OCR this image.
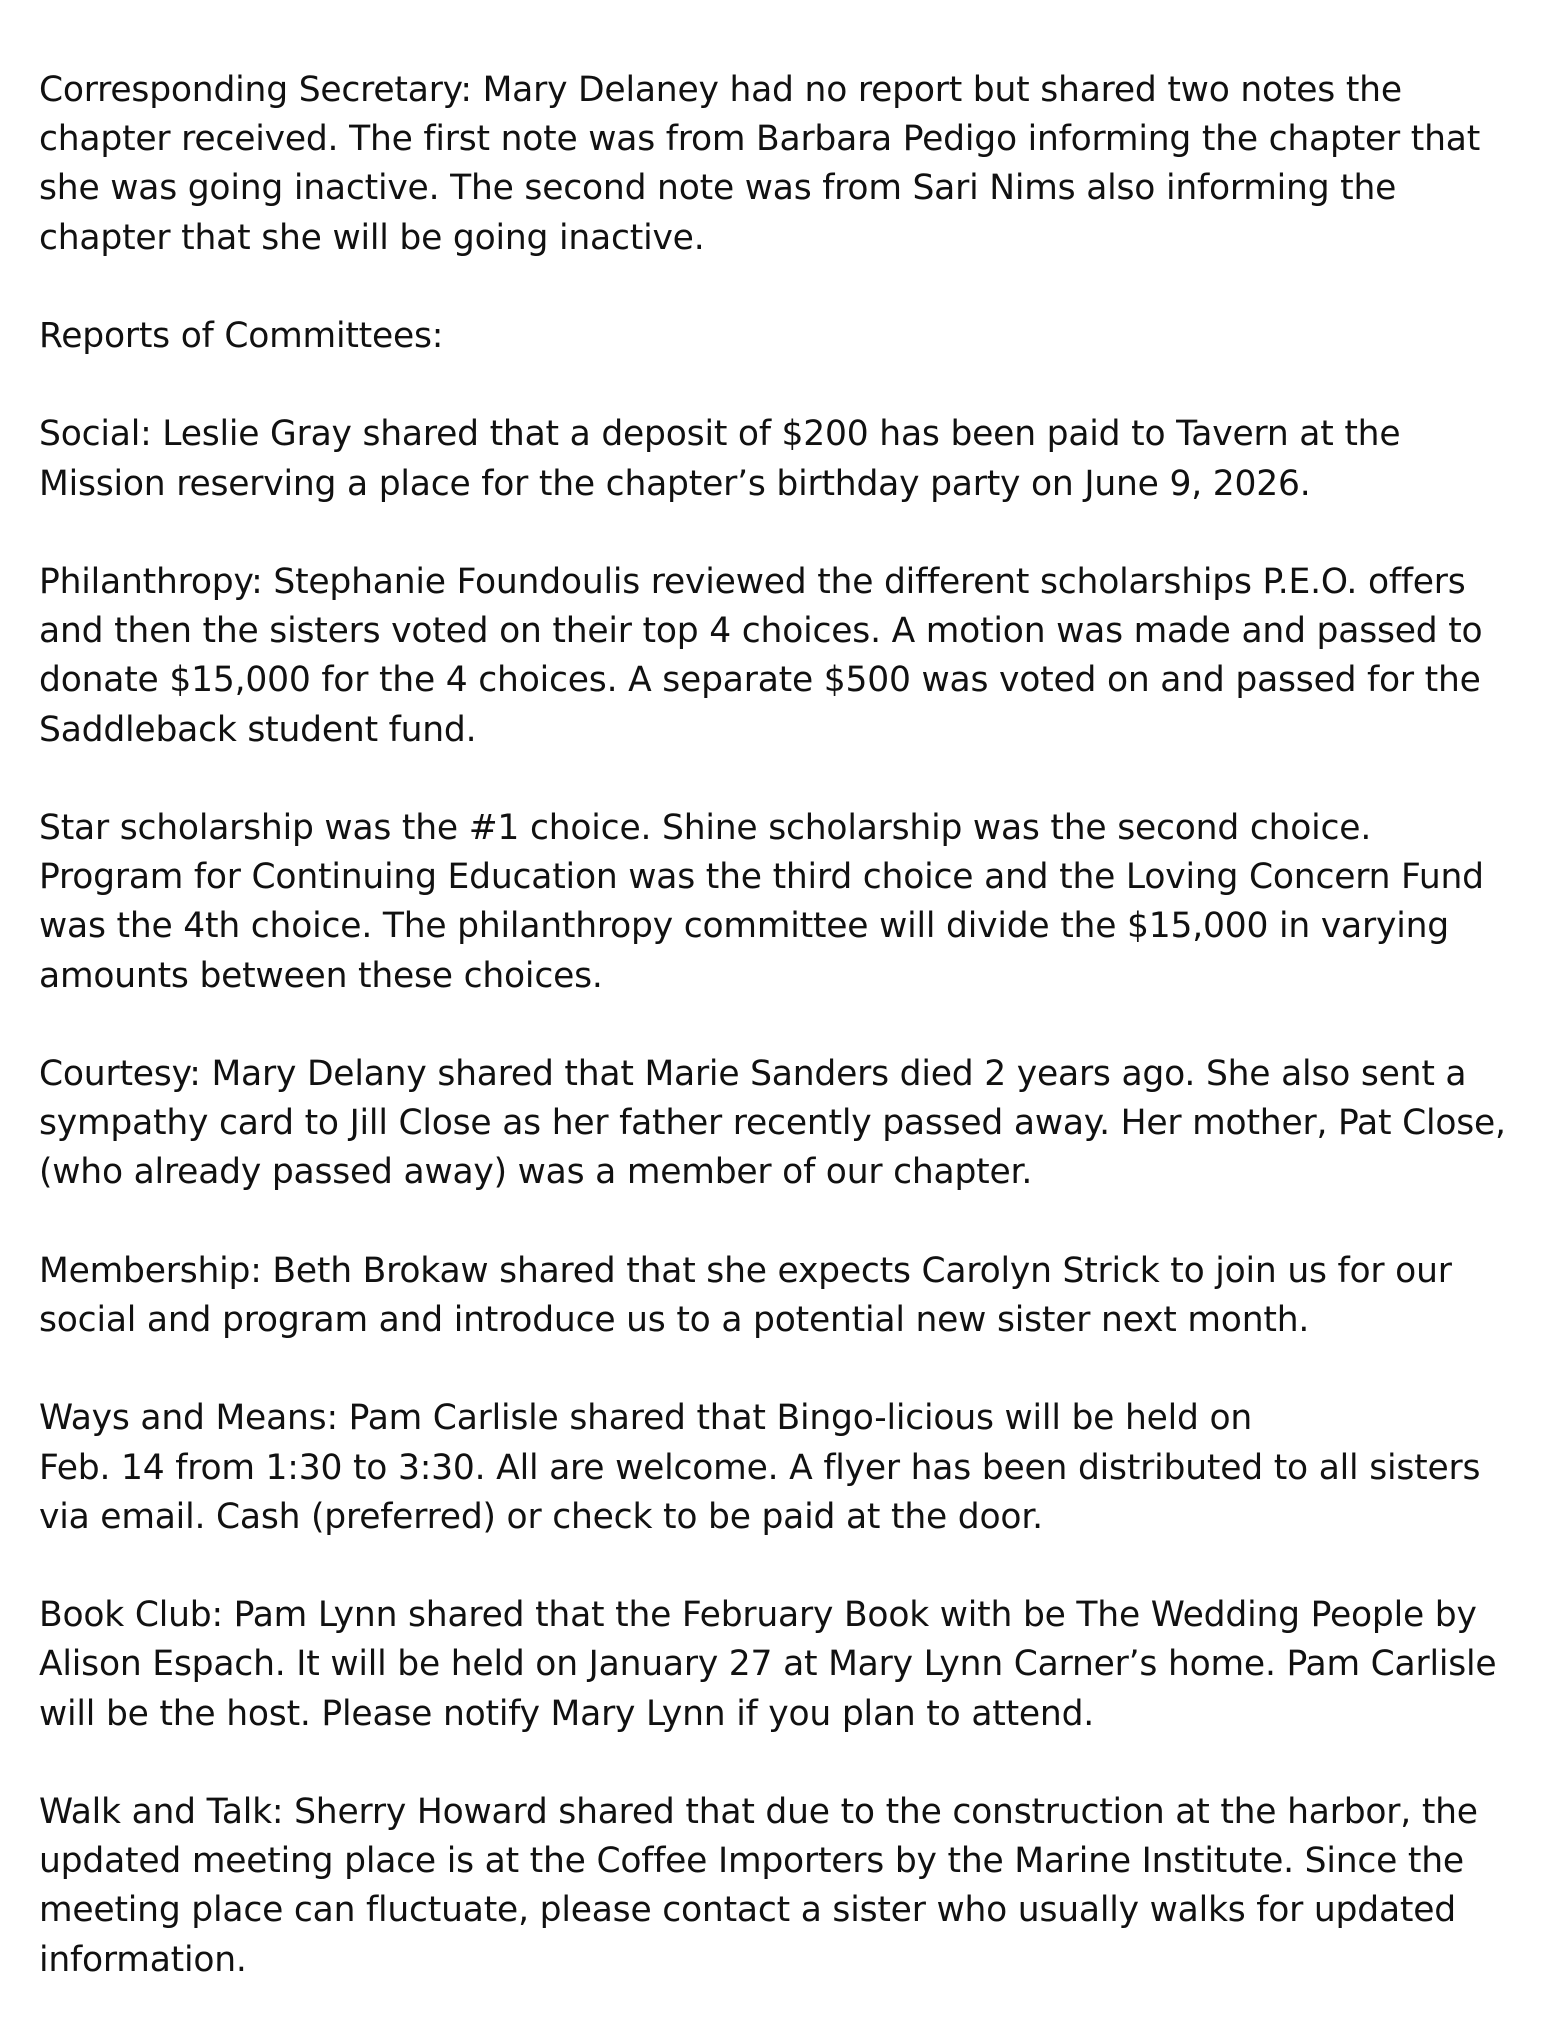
Corresponding Secretary: Mary Delaney had no report but shared two notes the
chapter received. The first note was from Barbara Pedigo informing the chapter that
she was going inactive. The second note was from Sari Nims also informing the
chapter that she will be going inactive.

Reports of Committees:

Social: Leslie Gray shared that a deposit of $200 has been paid to Tavern at the
Mission reserving a place for the chapter’s birthday party on June 9, 2026.

Philanthropy: Stephanie Foundoulis reviewed the different scholarships P.E.O. offers
and then the sisters voted on their top 4 choices. A motion was made and passed to
donate $15,000 for the 4 choices. A separate $500 was voted on and passed for the
Saddleback student fund.

Star scholarship was the #1 choice. Shine scholarship was the second choice.
Program for Continuing Education was the third choice and the Loving Concern Fund
was the 4th choice. The philanthropy committee will divide the $15,000 in varying
amounts between these choices.

Courtesy: Mary Delany shared that Marie Sanders died 2 years ago. She also sent a
sympathy card to Jill Close as her father recently passed away. Her mother, Pat Close,
(who already passed away) was a member of our chapter.

Membership: Beth Brokaw shared that she expects Carolyn Strick to join us for our
social and program and introduce us to a potential new sister next month.

Ways and Means: Pam Carlisle shared that Bingo-licious will be held on
Feb. 14 from 1:30 to 3:30. All are welcome. A flyer has been distributed to all sisters
via email. Cash (preferred) or check to be paid at the door.

Book Club: Pam Lynn shared that the February Book with be The Wedding People by
Alison Espach. It will be held on January 27 at Mary Lynn Carner’s home. Pam Carlisle
will be the host. Please notify Mary Lynn if you plan to attend.

Walk and Talk: Sherry Howard shared that due to the construction at the harbor, the
updated meeting place is at the Coffee Importers by the Marine Institute. Since the
meeting place can fluctuate, please contact a sister who usually walks for updated
information.
